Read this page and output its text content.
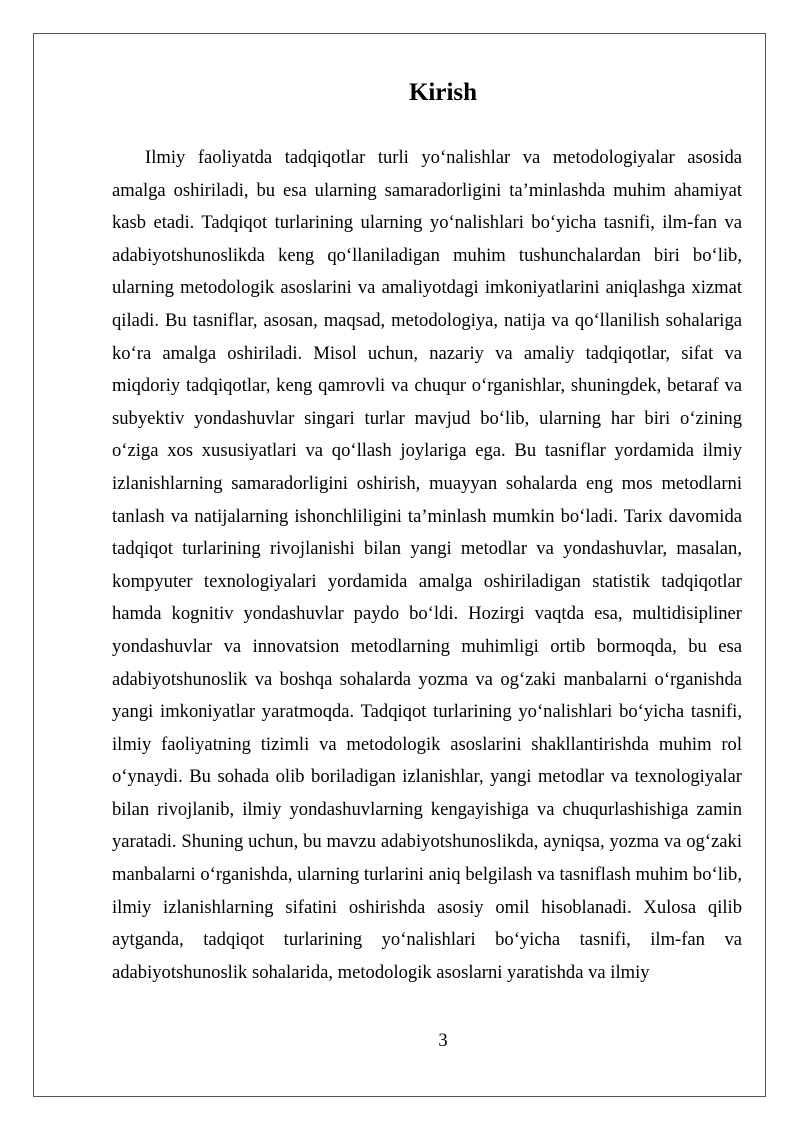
Kirish

Ilmiy faoliyatda tadqiqotlar turli yo‘nalishlar va metodologiyalar asosida amalga oshiriladi, bu esa ularning samaradorligini ta’minlashda muhim ahamiyat kasb etadi. Tadqiqot turlarining ularning yo‘nalishlari bo‘yicha tasnifi, ilm-fan va adabiyotshunoslikda keng qo‘llaniladigan muhim tushunchalardan biri bo‘lib, ularning metodologik asoslarini va amaliyotdagi imkoniyatlarini aniqlashga xizmat qiladi. Bu tasniflar, asosan, maqsad, metodologiya, natija va qo‘llanilish sohalariga ko‘ra amalga oshiriladi. Misol uchun, nazariy va amaliy tadqiqotlar, sifat va miqdoriy tadqiqotlar, keng qamrovli va chuqur o‘rganishlar, shuningdek, betaraf va subyektiv yondashuvlar singari turlar mavjud bo‘lib, ularning har biri o‘zining o‘ziga xos xususiyatlari va qo‘llash joylariga ega. Bu tasniflar yordamida ilmiy izlanishlarning samaradorligini oshirish, muayyan sohalarda eng mos metodlarni tanlash va natijalarning ishonchliligini ta’minlash mumkin bo‘ladi. Tarix davomida tadqiqot turlarining rivojlanishi bilan yangi metodlar va yondashuvlar, masalan, kompyuter texnologiyalari yordamida amalga oshiriladigan statistik tadqiqotlar hamda kognitiv yondashuvlar paydo bo‘ldi. Hozirgi vaqtda esa, multidisipliner yondashuvlar va innovatsion metodlarning muhimligi ortib bormoqda, bu esa adabiyotshunoslik va boshqa sohalarda yozma va og‘zaki manbalarni o‘rganishda yangi imkoniyatlar yaratmoqda. Tadqiqot turlarining yo‘nalishlari bo‘yicha tasnifi, ilmiy faoliyatning tizimli va metodologik asoslarini shakllantirishda muhim rol o‘ynaydi. Bu sohada olib boriladigan izlanishlar, yangi metodlar va texnologiyalar bilan rivojlanib, ilmiy yondashuvlarning kengayishiga va chuqurlashishiga zamin yaratadi. Shuning uchun, bu mavzu adabiyotshunoslikda, ayniqsa, yozma va og‘zaki manbalarni o‘rganishda, ularning turlarini aniq belgilash va tasniflash muhim bo‘lib, ilmiy izlanishlarning sifatini oshirishda asosiy omil hisoblanadi. Xulosa qilib aytganda, tadqiqot turlarining yo‘nalishlari bo‘yicha tasnifi, ilm-fan va adabiyotshunoslik sohalarida, metodologik asoslarni yaratishda va ilmiy

3
